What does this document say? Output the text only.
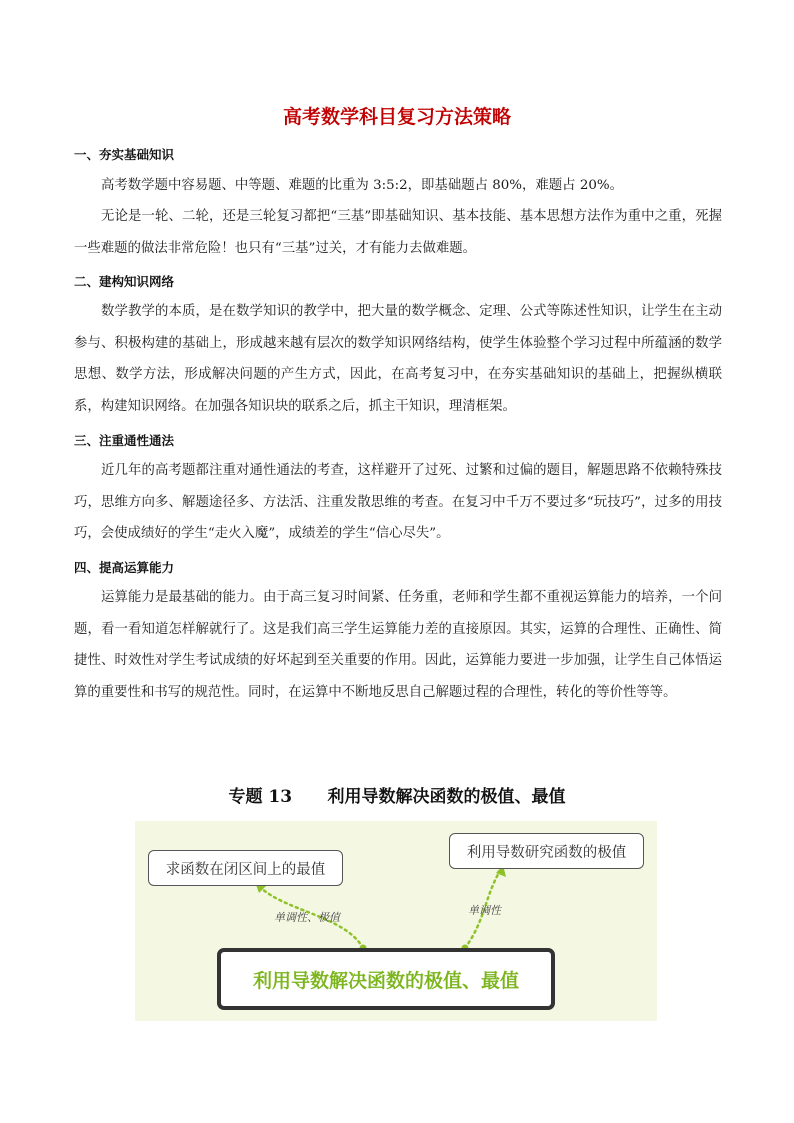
高考数学科目复习方法策略
一、夯实基础知识
高考数学题中容易题、中等题、难题的比重为 3:5:2，即基础题占 80%，难题占 20%。
无论是一轮、二轮，还是三轮复习都把“三基”即基础知识、基本技能、基本思想方法作为重中之重，死握一些难题的做法非常危险！也只有“三基”过关，才有能力去做难题。
二、建构知识网络
数学教学的本质，是在数学知识的教学中，把大量的数学概念、定理、公式等陈述性知识，让学生在主动参与、积极构建的基础上，形成越来越有层次的数学知识网络结构，使学生体验整个学习过程中所蕴涵的数学思想、数学方法，形成解决问题的产生方式，因此，在高考复习中，在夯实基础知识的基础上，把握纵横联系，构建知识网络。在加强各知识块的联系之后，抓主干知识，理清框架。
三、注重通性通法
近几年的高考题都注重对通性通法的考查，这样避开了过死、过繁和过偏的题目，解题思路不依赖特殊技巧，思维方向多、解题途径多、方法活、注重发散思维的考查。在复习中千万不要过多“玩技巧”，过多的用技巧，会使成绩好的学生“走火入魔”，成绩差的学生“信心尽失”。
四、提高运算能力
运算能力是最基础的能力。由于高三复习时间紧、任务重，老师和学生都不重视运算能力的培养，一个问题，看一看知道怎样解就行了。这是我们高三学生运算能力差的直接原因。其实，运算的合理性、正确性、简捷性、时效性对学生考试成绩的好坏起到至关重要的作用。因此，运算能力要进一步加强，让学生自己体悟运算的重要性和书写的规范性。同时，在运算中不断地反思自己解题过程的合理性，转化的等价性等等。
专题 13      利用导数解决函数的极值、最值
求函数在闭区间上的最值
利用导数研究函数的极值
单调性、极值
单调性
利用导数解决函数的极值、最值
